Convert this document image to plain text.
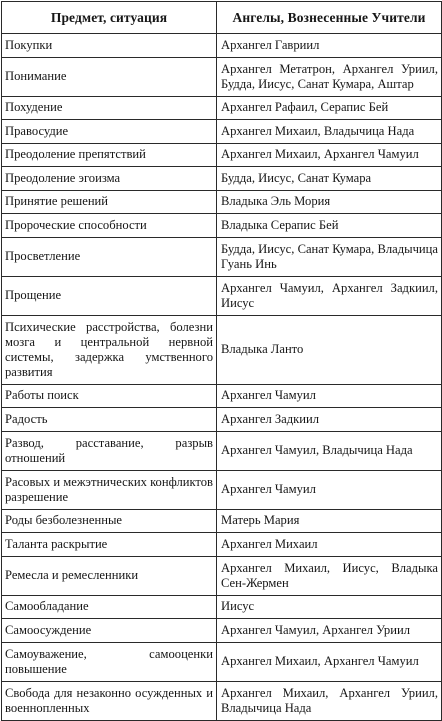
Предмет, ситуация	Ангелы, Вознесенные Учители
Покупки	Архангел Гавриил
Понимание	Архангел Метатрон, Архангел Уриил, Будда, Иисус, Санат Кумара, Аштар
Похудение	Архангел Рафаил, Серапис Бей
Правосудие	Архангел Михаил, Владычица Нада
Преодоление препятствий	Архангел Михаил, Архангел Чамуил
Преодоление эгоизма	Будда, Иисус, Санат Кумара
Принятие решений	Владыка Эль Мория
Пророческие способности	Владыка Серапис Бей
Просветление	Будда, Иисус, Санат Кумара, Владычица Гуань Инь
Прощение	Архангел Чамуил, Архангел Задкиил, Иисус
Психические расстройства, болезни мозга и центральной нервной системы, задержка умственного развития	Владыка Ланто
Работы поиск	Архангел Чамуил
Радость	Архангел Задкиил
Развод, расставание, разрыв отношений	Архангел Чамуил, Владычица Нада
Расовых и межэтнических конфликтов разрешение	Архангел Чамуил
Роды безболезненные	Матерь Мария
Таланта раскрытие	Архангел Михаил
Ремесла и ремесленники	Архангел Михаил, Иисус, Владыка Сен-Жермен
Самообладание	Иисус
Самоосуждение	Архангел Чамуил, Архангел Уриил
Самоуважение, самооценки повышение	Архангел Михаил, Архангел Чамуил
Свобода для незаконно осужденных и военнопленных	Архангел Михаил, Архангел Уриил, Владычица Нада
